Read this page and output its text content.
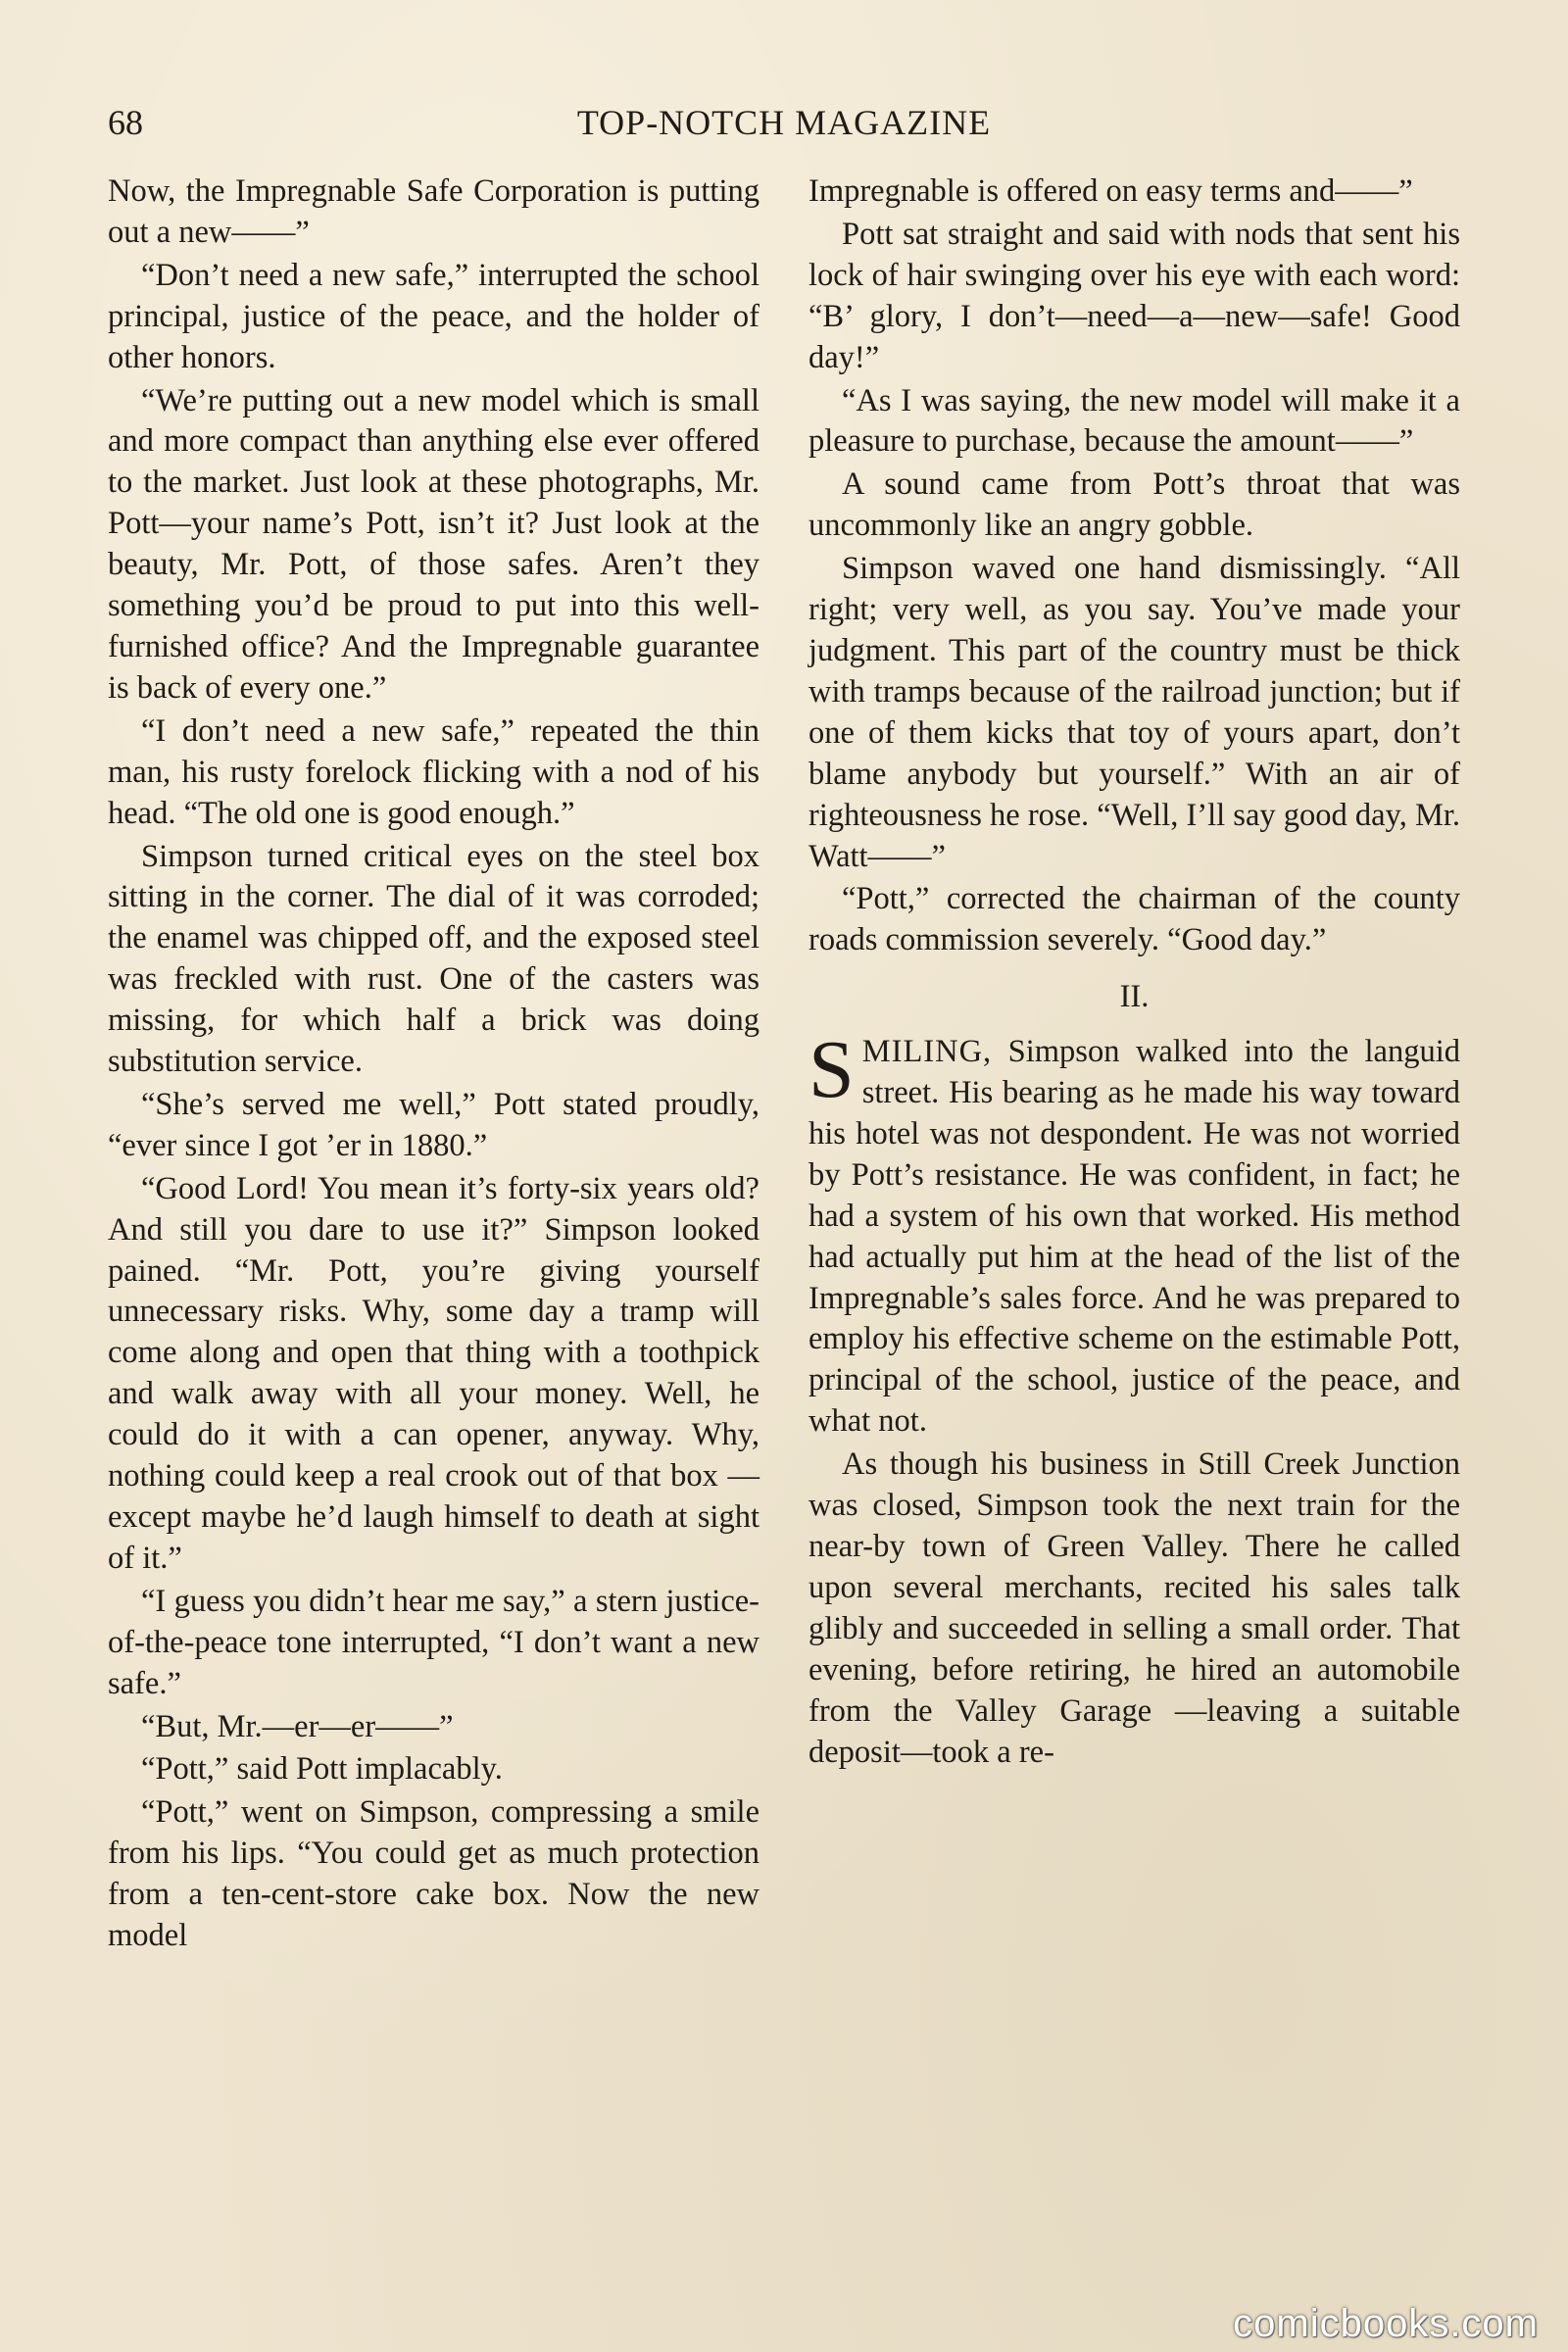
68	TOP-NOTCH MAGAZINE

Now, the Impregnable Safe Corporation is putting out a new——”

“Don’t need a new safe,” interrupted the school principal, justice of the peace, and the holder of other honors.

“We’re putting out a new model which is small and more compact than anything else ever offered to the market. Just look at these photographs, Mr. Pott—your name’s Pott, isn’t it? Just look at the beauty, Mr. Pott, of those safes. Aren’t they something you’d be proud to put into this well-furnished office? And the Impregnable guarantee is back of every one.”

“I don’t need a new safe,” repeated the thin man, his rusty forelock flicking with a nod of his head. “The old one is good enough.”

Simpson turned critical eyes on the steel box sitting in the corner. The dial of it was corroded; the enamel was chipped off, and the exposed steel was freckled with rust. One of the casters was missing, for which half a brick was doing substitution service.

“She’s served me well,” Pott stated proudly, “ever since I got ’er in 1880.”

“Good Lord! You mean it’s forty-six years old? And still you dare to use it?” Simpson looked pained. “Mr. Pott, you’re giving yourself unnecessary risks. Why, some day a tramp will come along and open that thing with a toothpick and walk away with all your money. Well, he could do it with a can opener, anyway. Why, nothing could keep a real crook out of that box —except maybe he’d laugh himself to death at sight of it.”

“I guess you didn’t hear me say,” a stern justice-of-the-peace tone interrupted, “I don’t want a new safe.”

“But, Mr.—er—er——”

“Pott,” said Pott implacably.

“Pott,” went on Simpson, compressing a smile from his lips. “You could get as much protection from a ten-cent-store cake box. Now the new model

Impregnable is offered on easy terms and——”

Pott sat straight and said with nods that sent his lock of hair swinging over his eye with each word: “B’ glory, I don’t—need—a—new—safe! Good day!”

“As I was saying, the new model will make it a pleasure to purchase, because the amount——”

A sound came from Pott’s throat that was uncommonly like an angry gobble.

Simpson waved one hand dismissingly. “All right; very well, as you say. You’ve made your judgment. This part of the country must be thick with tramps because of the railroad junction; but if one of them kicks that toy of yours apart, don’t blame anybody but yourself.” With an air of righteousness he rose. “Well, I’ll say good day, Mr. Watt——”

“Pott,” corrected the chairman of the county roads commission severely. “Good day.”

II.

SMILING, Simpson walked into the languid street. His bearing as he made his way toward his hotel was not despondent. He was not worried by Pott’s resistance. He was confident, in fact; he had a system of his own that worked. His method had actually put him at the head of the list of the Impregnable’s sales force. And he was prepared to employ his effective scheme on the estimable Pott, principal of the school, justice of the peace, and what not.

As though his business in Still Creek Junction was closed, Simpson took the next train for the near-by town of Green Valley. There he called upon several merchants, recited his sales talk glibly and succeeded in selling a small order. That evening, before retiring, he hired an automobile from the Valley Garage —leaving a suitable deposit—took a re-

comicbooks.com
